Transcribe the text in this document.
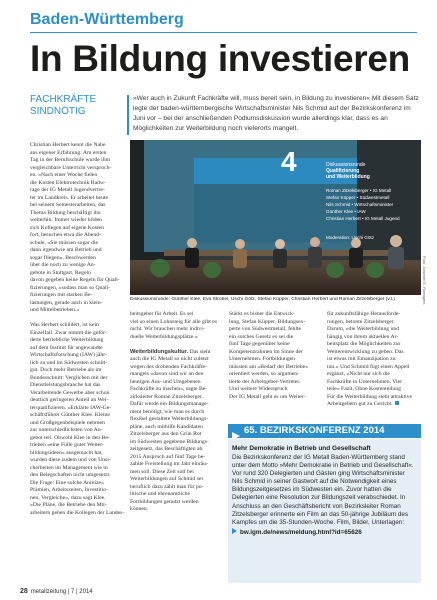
Baden-Württemberg
In Bildung investieren
FACHKRÄFTE
SINDNÖTIG

»Wer auch in Zukunft Fachkräfte will, muss bereit sein, in Bildung zu investieren« Mit diesem Satz legte der baden-württembergische Wirtschaftsminister Nils Schmid auf der Bezirkskonferenz im Juni vor – bei der anschließenden Podiumsdiskussion wurde allerdings klar, dass es an Möglichkeiten zur Weiterbildung noch vielerorts mangelt.

Christian Herbert kennt die Nahe

aus eigener Erfahrung: Am ersten

Tag in der Berufsschule wurde ihm

vergleichbare Unterricht versproch-

en. »Nach einer Woche fielen

die Kosten Elektrotechnik Badw-

rage der IG Metall Jugendvertre-

ter im Landkreis. Er arbeitet heute

bei seinem Semesterarbeiten, das

Thema Bildung beschäftigt ihn

weiterhin. Immer wieder bilden

sich Kollegen auf eigene Kosten

fort, besuchen etwa die Abend-

schule, »Sie müssen sogar die

dann irgendwie am Betrieb und

sogar fliegen«, Beschwerden

über die noch zu wenige An-

gebote in Stuttgart, Regeln

davon gegeben keine Regeln für Quali-

fizierungen, »sodass man so Quali-

fizierungen mit starken Be-

lastungen, gerade auch in klein-

und Mittelbetrieben.«

Was Herbert schildert, ist kein

Einzelfall. Zwar nimmt die geför-

derte betriebliche Weiterbildung

auf dem Institut für angewandte

Wirtschaftsforschung (IAW) jähr-

lich zu und im Südwesten schnitt-

gut. Doch mehr Betriebe als im

Bundesschnitt: Verglichen mit der

Dienstleistungsbranche hat das

Verarbeitende Gewerbe aber schon

deutlich geringeren Anteil an Wei-

terqualifizieren. »Erklärte IAW-Ge-

schäftsführer Günther Klee. Kleine

und Großgegenbeispiele nehmen

zur unterschiedlichsten von An-

gebot teil. Obwohl Klee in den Be-

trieben »eine Fülle guter Weiter-

bildungsideen« ausgemacht hat,

wurden diese zudem und von Unsi-

cherheiten im Management wie in

den Belegschaften nicht umgesetzt.

Die Frage: Eine solche Anreize»

Prämien, Arbeitszeiten, Investitio-

nen, Vergleiche«, dazu sagt Klee.

»Die Pläne, die Betriebe den Mit-

arbeitern geben die Kollegen der Landes-

4	Diskussionsrunde
Qualifizierung
und Weiterbildung
Roman Zitzelsberger • IG Metall
Stefan Küpper • Südwestmetall
Nils Schmid • Wirtschaftsminister
Günther Klee • IAW
Christian Herbert • IG Metall Jugend
Moderation: Uschi Götz
Foto: Joachim E. Roettgers
Diskussionsrunde: Günther Klee, Eva Strobel, Uschi Götz, Stefan Küpper, Christian Herbert und Roman Zitzelsberger (v.l.)

beitsgeber für Arbeit. Es sei

viel so einen Lohnsteig für alle gibt es

nicht. Wir brauchen mehr indivi-

duelle Weiterbildungsplätze.«

Weiterbildungskultur. Das sieht

auch die IG Metall so nicht zuletzt

wegen des drohenden Fachkräfte-

mangels »davon sind wir an den

heutigen Aus- und Umgebenen

Fachkräfte zu machen«, sagte Be-

zirksleiter Roman Zitzelsberger.

Dafür werde ein Bildungsmanage-

ment benötigt, wie man es durch

flexibel gestaltete Weiterbildungs-

pläne, auch mithilfe Kandidaten

Zitzelsberger aus den Grün Rot

im Südwesten gegebene Bildungs-

zeitgesetz, das Beschäftigten ab

2015 Anspruch auf fünf Tage be-

zahlte Freistellung im Jahr einräu-

men soll. Diese Zeit soll bei

Weiterbildungen auf Schmid sei

beruflich dazu zählt man für po-

litische und ehrenamtliche

Fortbildungen genutzt werden

können.

Stärkt es bisher die Entwick-

lung, Stefan Küpper, Bildungsex-

perte von Südwestmetall, fehlte

ein solches Gesetz es sei die

fünf Tage gegenüber keine

Kompetenzrahmen im Sinne der

Unternehmen. Fortbildungen

müssten am »Bedarf der Betriebe«

orientiert werden, so argumen-

tierte der Arbeitgeber-Vertreter.

Und weitere Widerspruch

Der IG Metall geht es um Weiter-

für zukunftsfähige Herausforde-

rungen, betonte Zitzelsberger.

Darum, »die Weiterbildung und

hängig von ihrem aktuellen Ar-

beitsplatz die Möglichkeiten zur

Weiterentwicklung zu geben. Das

ist etwas mit Emanzipation zu

tun.« Und Schmid fügt einen Appell

ergänzt, »Nicht nur sich die

Fachkräfte in Unternehmen. Vier

teile« Fazit, Ohne Kostenteilung

Für die Weiterbildung steht attraktive

Arbeitgebern gut zu Gesicht.

65. BEZIRKSKONFERENZ 2014
Mehr Demokratie in Betrieb und Gesellschaft
Die Bezirkskonferenz der IG Metall Baden-Württemberg stand unter dem Motto »Mehr Demokratie in Betrieb und Gesellschaft«. Vor rund 320 Delegierten und Gästen ging Wirtschaftsminister Nils Schmid in seiner Gastwort auf die Notwendigkeit eines Bildungszeitgesetzes im Südwesten ein. Zuvor hatten die Delegierten eine Resolution zur Bildungszeit verabschiedet. In Anschluss an den Geschäftsbericht von Bezirksleiter Roman Zitzelsberger erinnerte ein Film an das 50-jährige Jubiläum des Kampfes um die 35-Stunden-Woche. Film, Bilder, Unterlagen:
bw.igm.de/news/meldung.html?id=65626
28 metallzeitung | 7 | 2014
